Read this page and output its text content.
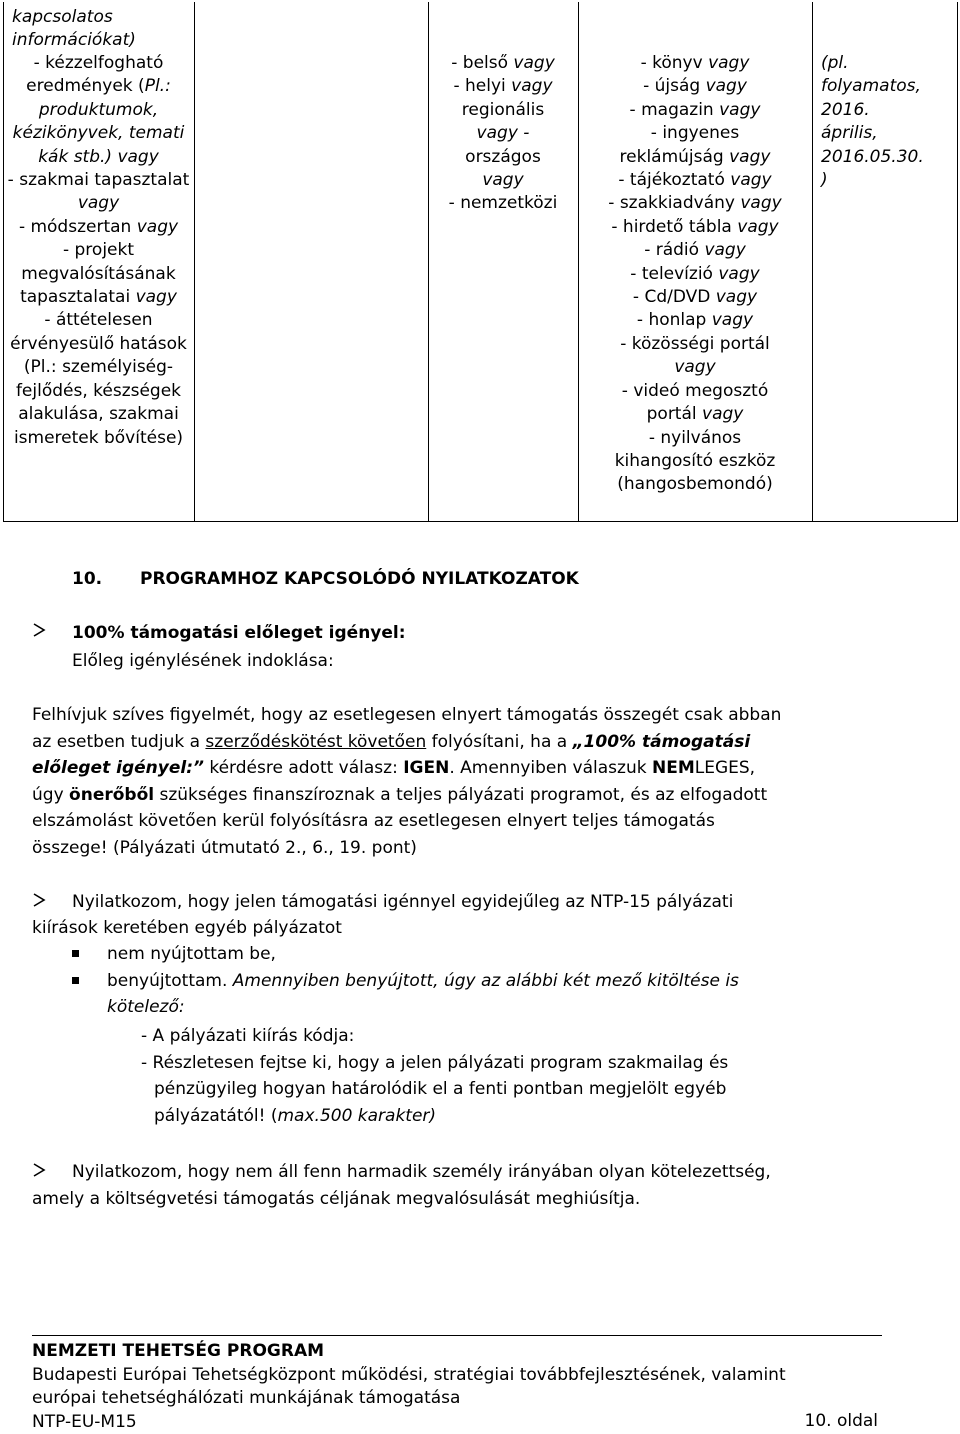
kapcsolatos
információkat)
- kézzelfogható
eredmények (Pl.:
produktumok,
kézikönyvek, temati
kák stb.) vagy
- szakmai tapasztalat
vagy
- módszertan vagy
- projekt
megvalósításának
tapasztalatai vagy
- áttételesen
érvényesülő hatások
(Pl.: személyiség-
fejlődés, készségek
alakulása, szakmai
ismeretek bővítése)
- belső vagy
- helyi vagy
regionális
vagy -
országos
vagy
- nemzetközi
- könyv vagy
- újság vagy
- magazin vagy
- ingyenes
reklámújság vagy
- tájékoztató vagy
- szakkiadvány vagy
- hirdető tábla vagy
- rádió vagy
- televízió vagy
- Cd/DVD vagy
- honlap vagy
- közösségi portál
vagy
- videó megosztó
portál vagy
- nyilvános
kihangosító eszköz
(hangosbemondó)
(pl.
folyamatos,
2016.
április,
2016.05.30.
)
10. PROGRAMHOZ KAPCSOLÓDÓ NYILATKOZATOK
100% támogatási előleget igényel:
Előleg igénylésének indoklása:
Felhívjuk szíves figyelmét, hogy az esetlegesen elnyert támogatás összegét csak abban
az esetben tudjuk a szerződéskötést követően folyósítani, ha a „100% támogatási
előleget igényel:” kérdésre adott válasz: IGEN. Amennyiben válaszuk NEMLEGES,
úgy önerőből szükséges finanszíroznak a teljes pályázati programot, és az elfogadott
elszámolást követően kerül folyósításra az esetlegesen elnyert teljes támogatás
összege! (Pályázati útmutató 2., 6., 19. pont)
Nyilatkozom, hogy jelen támogatási igénnyel egyidejűleg az NTP-15 pályázati
kiírások keretében egyéb pályázatot
nem nyújtottam be,
benyújtottam. Amennyiben benyújtott, úgy az alábbi két mező kitöltése is
kötelező:
- A pályázati kiírás kódja:
- Részletesen fejtse ki, hogy a jelen pályázati program szakmailag és
pénzügyileg hogyan határolódik el a fenti pontban megjelölt egyéb
pályázatától! (max.500 karakter)
Nyilatkozom, hogy nem áll fenn harmadik személy irányában olyan kötelezettség,
amely a költségvetési támogatás céljának megvalósulását meghiúsítja.
NEMZETI TEHETSÉG PROGRAM
Budapesti Európai Tehetségközpont működési, stratégiai továbbfejlesztésének, valamint
európai tehetséghálózati munkájának támogatása
NTP-EU-M15	10. oldal
